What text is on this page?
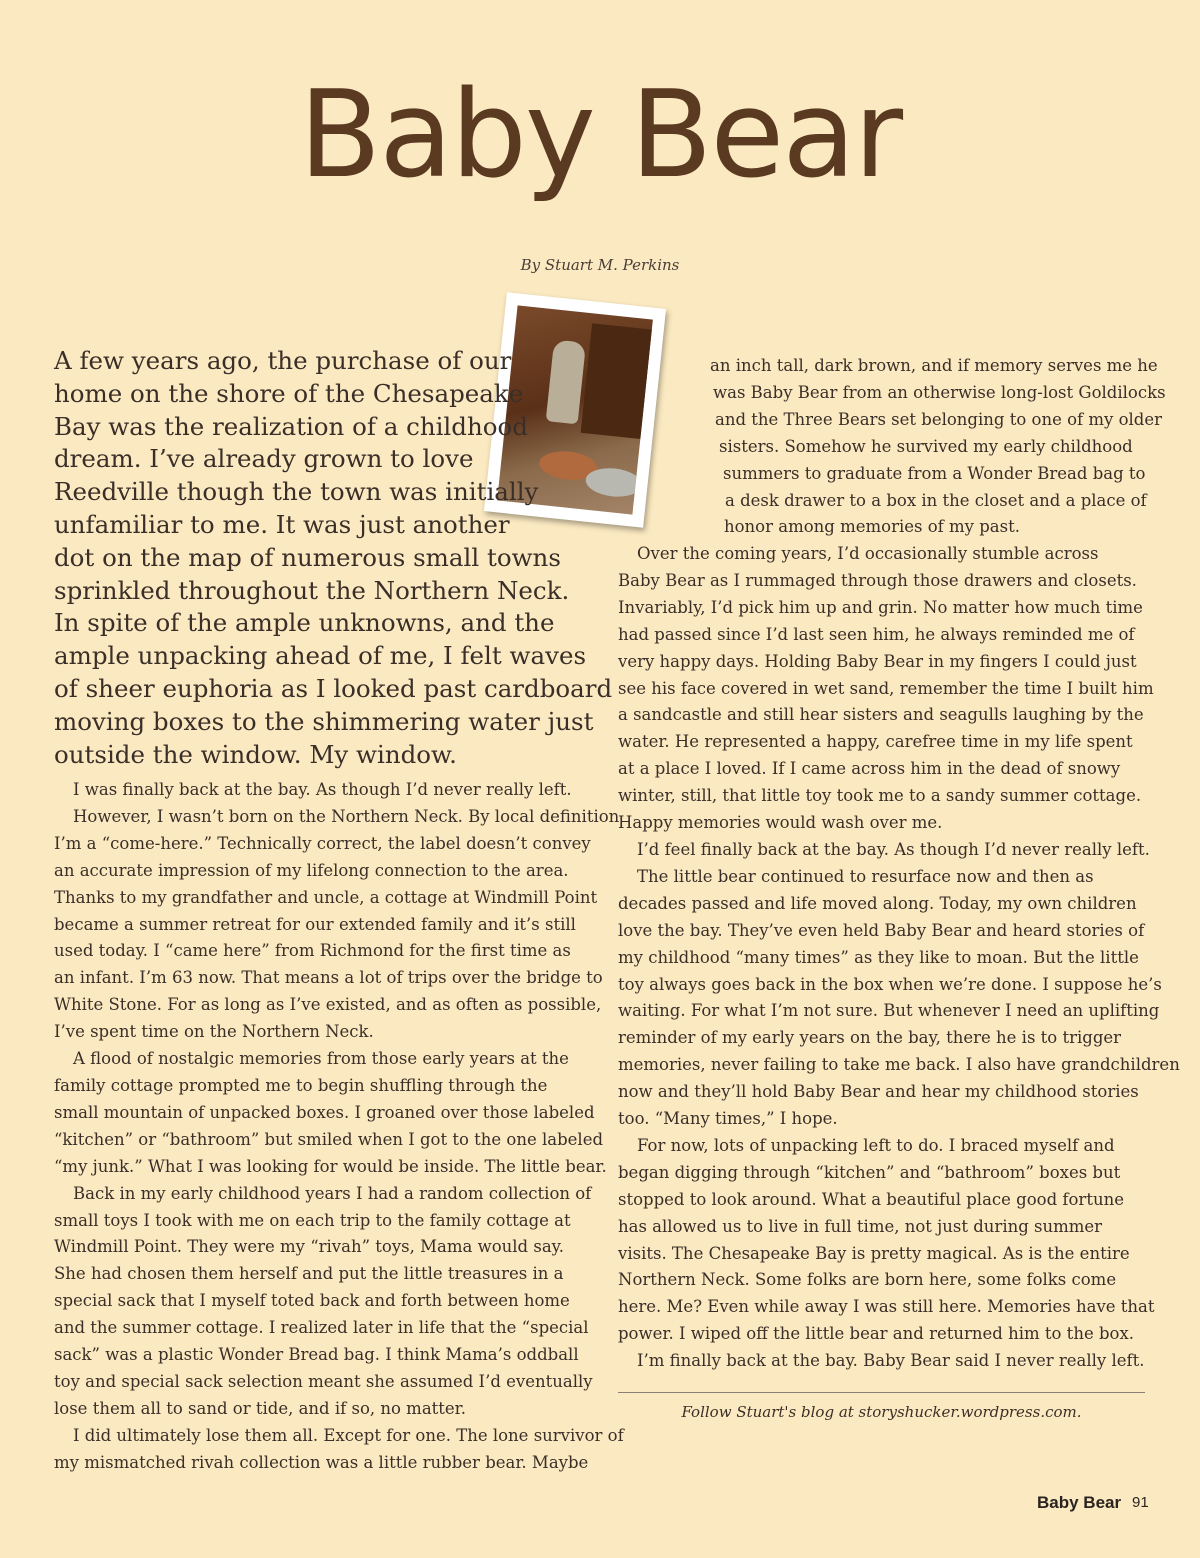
Baby Bear
By Stuart M. Perkins

A few years ago, the purchase of our
home on the shore of the Chesapeake
Bay was the realization of a childhood
dream. I’ve already grown to love
Reedville though the town was initially
unfamiliar to me. It was just another
dot on the map of numerous small towns
sprinkled throughout the Northern Neck.
In spite of the ample unknowns, and the
ample unpacking ahead of me, I felt waves
of sheer euphoria as I looked past cardboard
moving boxes to the shimmering water just
outside the window. My window.

I was finally back at the bay. As though I’d never really left.
However, I wasn’t born on the Northern Neck. By local definition
I’m a “come-here.” Technically correct, the label doesn’t convey
an accurate impression of my lifelong connection to the area.
Thanks to my grandfather and uncle, a cottage at Windmill Point
became a summer retreat for our extended family and it’s still
used today. I “came here” from Richmond for the first time as
an infant. I’m 63 now. That means a lot of trips over the bridge to
White Stone. For as long as I’ve existed, and as often as possible,
I’ve spent time on the Northern Neck.
A flood of nostalgic memories from those early years at the
family cottage prompted me to begin shuffling through the
small mountain of unpacked boxes. I groaned over those labeled
“kitchen” or “bathroom” but smiled when I got to the one labeled
“my junk.” What I was looking for would be inside. The little bear.
Back in my early childhood years I had a random collection of
small toys I took with me on each trip to the family cottage at
Windmill Point. They were my “rivah” toys, Mama would say.
She had chosen them herself and put the little treasures in a
special sack that I myself toted back and forth between home
and the summer cottage. I realized later in life that the “special
sack” was a plastic Wonder Bread bag. I think Mama’s oddball
toy and special sack selection meant she assumed I’d eventually
lose them all to sand or tide, and if so, no matter.
I did ultimately lose them all. Except for one. The lone survivor of
my mismatched rivah collection was a little rubber bear. Maybe
an inch tall, dark brown, and if memory serves me he
was Baby Bear from an otherwise long-lost Goldilocks
and the Three Bears set belonging to one of my older
sisters. Somehow he survived my early childhood
summers to graduate from a Wonder Bread bag to
a desk drawer to a box in the closet and a place of
honor among memories of my past.
Over the coming years, I’d occasionally stumble across
Baby Bear as I rummaged through those drawers and closets.
Invariably, I’d pick him up and grin. No matter how much time
had passed since I’d last seen him, he always reminded me of
very happy days. Holding Baby Bear in my fingers I could just
see his face covered in wet sand, remember the time I built him
a sandcastle and still hear sisters and seagulls laughing by the
water. He represented a happy, carefree time in my life spent
at a place I loved. If I came across him in the dead of snowy
winter, still, that little toy took me to a sandy summer cottage.
Happy memories would wash over me.
I’d feel finally back at the bay. As though I’d never really left.
The little bear continued to resurface now and then as
decades passed and life moved along. Today, my own children
love the bay. They’ve even held Baby Bear and heard stories of
my childhood “many times” as they like to moan. But the little
toy always goes back in the box when we’re done. I suppose he’s
waiting. For what I’m not sure. But whenever I need an uplifting
reminder of my early years on the bay, there he is to trigger
memories, never failing to take me back. I also have grandchildren
now and they’ll hold Baby Bear and hear my childhood stories
too. “Many times,” I hope.
For now, lots of unpacking left to do. I braced myself and
began digging through “kitchen” and “bathroom” boxes but
stopped to look around. What a beautiful place good fortune
has allowed us to live in full time, not just during summer
visits. The Chesapeake Bay is pretty magical. As is the entire
Northern Neck. Some folks are born here, some folks come
here. Me? Even while away I was still here. Memories have that
power. I wiped off the little bear and returned him to the box.
I’m finally back at the bay. Baby Bear said I never really left.
Follow Stuart's blog at storyshucker.wordpress.com.
Baby Bear 91
